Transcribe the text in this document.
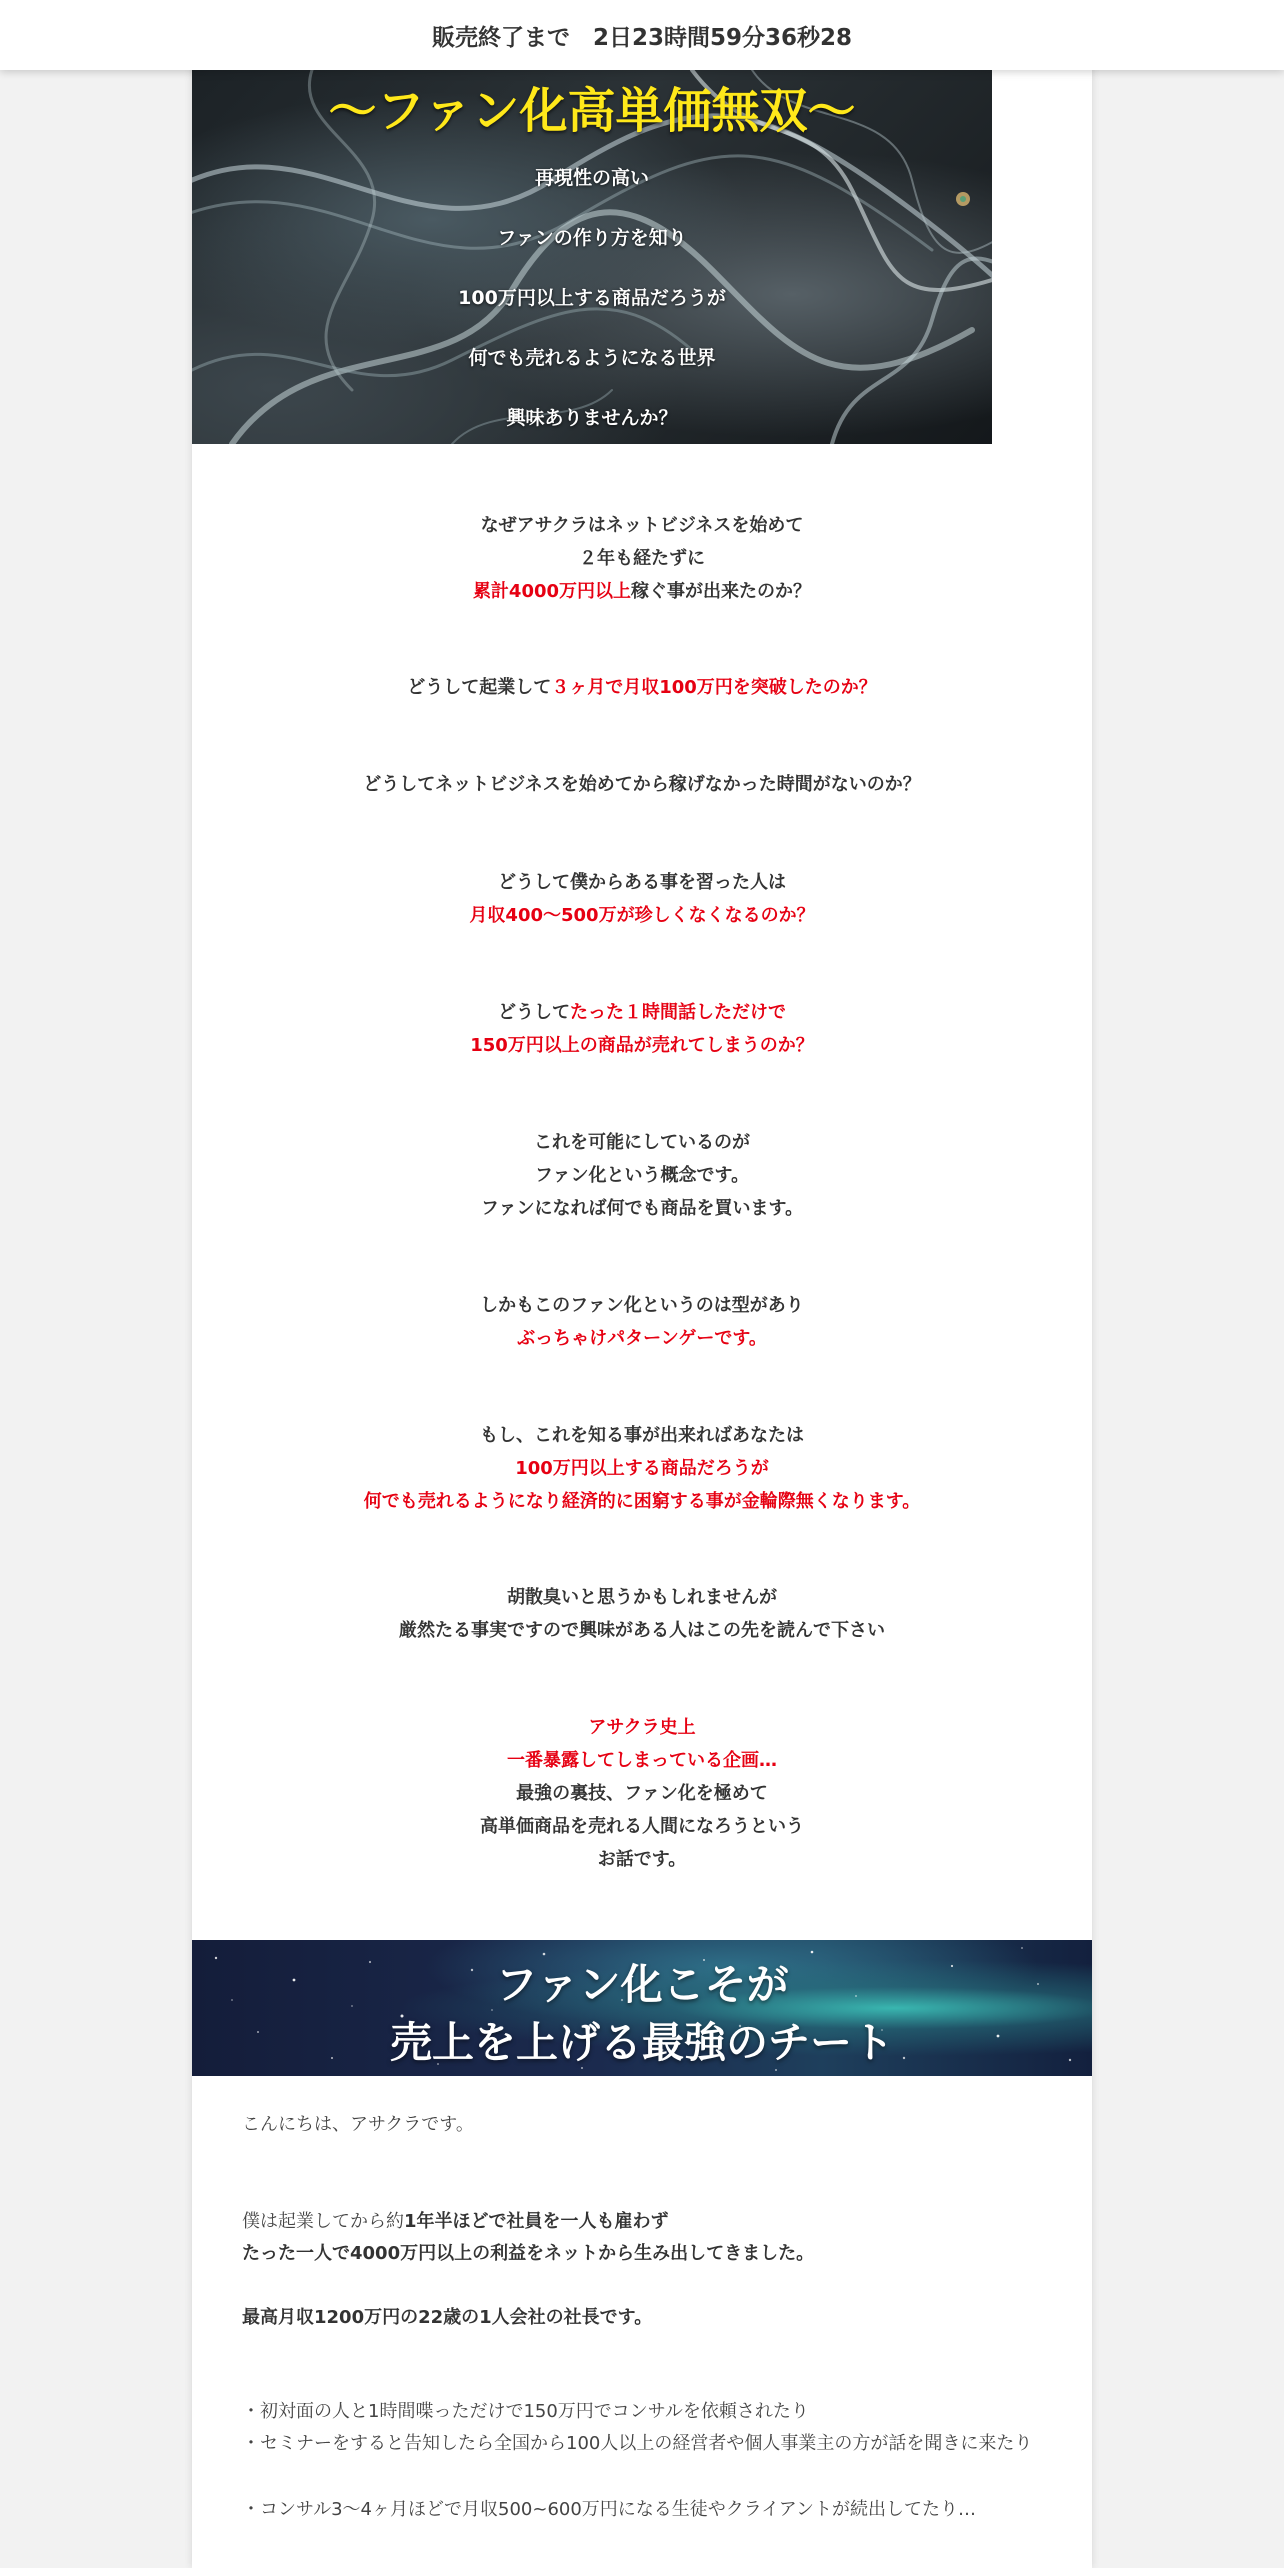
〜ファン化高単価無双〜
再現性の高い
ファンの作り方を知り
100万円以上する商品だろうが
何でも売れるようになる世界
興味ありませんか？
なぜアサクラはネットビジネスを始めて
２年も経たずに
累計4000万円以上稼ぐ事が出来たのか？
どうして起業して３ヶ月で月収100万円を突破したのか？
どうしてネットビジネスを始めてから稼げなかった時間がないのか？
どうして僕からある事を習った人は
月収400〜500万が珍しくなくなるのか？
どうしてたった１時間話しただけで
150万円以上の商品が売れてしまうのか？
これを可能にしているのが
ファン化という概念です。
ファンになれば何でも商品を買います。
しかもこのファン化というのは型があり
ぶっちゃけパターンゲーです。
もし、これを知る事が出来ればあなたは
100万円以上する商品だろうが
何でも売れるようになり経済的に困窮する事が金輪際無くなります。
胡散臭いと思うかもしれませんが
厳然たる事実ですので興味がある人はこの先を読んで下さい
アサクラ史上
一番暴露してしまっている企画…
最強の裏技、ファン化を極めて
高単価商品を売れる人間になろうという
お話です。
ファン化こそが
売上を上げる最強のチート
こんにちは、アサクラです。
僕は起業してから約1年半ほどで社員を一人も雇わず
たった一人で4000万円以上の利益をネットから生み出してきました。
最高月収1200万円の22歳の1人会社の社長です。
・初対面の人と1時間喋っただけで150万円でコンサルを依頼されたり
・セミナーをすると告知したら全国から100人以上の経営者や個人事業主の方が話を聞きに来たり
・コンサル3〜4ヶ月ほどで月収500~600万円になる生徒やクライアントが続出してたり…
販売終了まで　2日23時間59分36秒28
